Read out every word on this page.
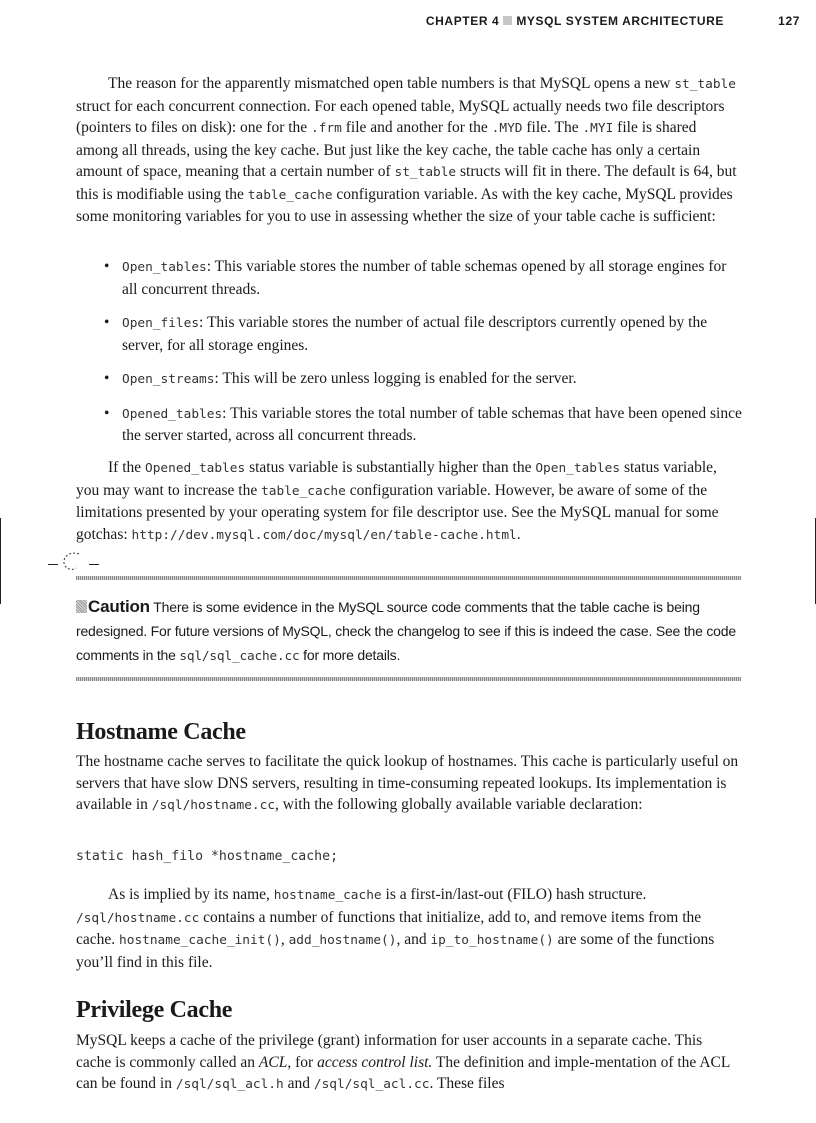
CHAPTER 4 MYSQL SYSTEM ARCHITECTURE	127

The reason for the apparently mismatched open table numbers is that MySQL opens a new st_table struct for each concurrent connection. For each opened table, MySQL actually needs two file descriptors (pointers to files on disk): one for the .frm file and another for the .MYD file. The .MYI file is shared among all threads, using the key cache. But just like the key cache, the table cache has only a certain amount of space, meaning that a certain number of st_table structs will fit in there. The default is 64, but this is modifiable using the table_cache configuration variable. As with the key cache, MySQL provides some monitoring variables for you to use in assessing whether the size of your table cache is sufficient:

• Open_tables: This variable stores the number of table schemas opened by all storage engines for all concurrent threads.
• Open_files: This variable stores the number of actual file descriptors currently opened by the server, for all storage engines.
• Open_streams: This will be zero unless logging is enabled for the server.
• Opened_tables: This variable stores the total number of table schemas that have been opened since the server started, across all concurrent threads.

If the Opened_tables status variable is substantially higher than the Open_tables status variable, you may want to increase the table_cache configuration variable. However, be aware of some of the limitations presented by your operating system for file descriptor use. See the MySQL manual for some gotchas: http://dev.mysql.com/doc/mysql/en/table-cache.html.

Caution There is some evidence in the MySQL source code comments that the table cache is being redesigned. For future versions of MySQL, check the changelog to see if this is indeed the case. See the code comments in the sql/sql_cache.cc for more details.

Hostname Cache

The hostname cache serves to facilitate the quick lookup of hostnames. This cache is particularly useful on servers that have slow DNS servers, resulting in time-consuming repeated lookups. Its implementation is available in /sql/hostname.cc, with the following globally available variable declaration:

static hash_filo *hostname_cache;

As is implied by its name, hostname_cache is a first-in/last-out (FILO) hash structure. /sql/hostname.cc contains a number of functions that initialize, add to, and remove items from the cache. hostname_cache_init(), add_hostname(), and ip_to_hostname() are some of the functions you’ll find in this file.

Privilege Cache

MySQL keeps a cache of the privilege (grant) information for user accounts in a separate cache. This cache is commonly called an ACL, for access control list. The definition and imple-mentation of the ACL can be found in /sql/sql_acl.h and /sql/sql_acl.cc. These files
